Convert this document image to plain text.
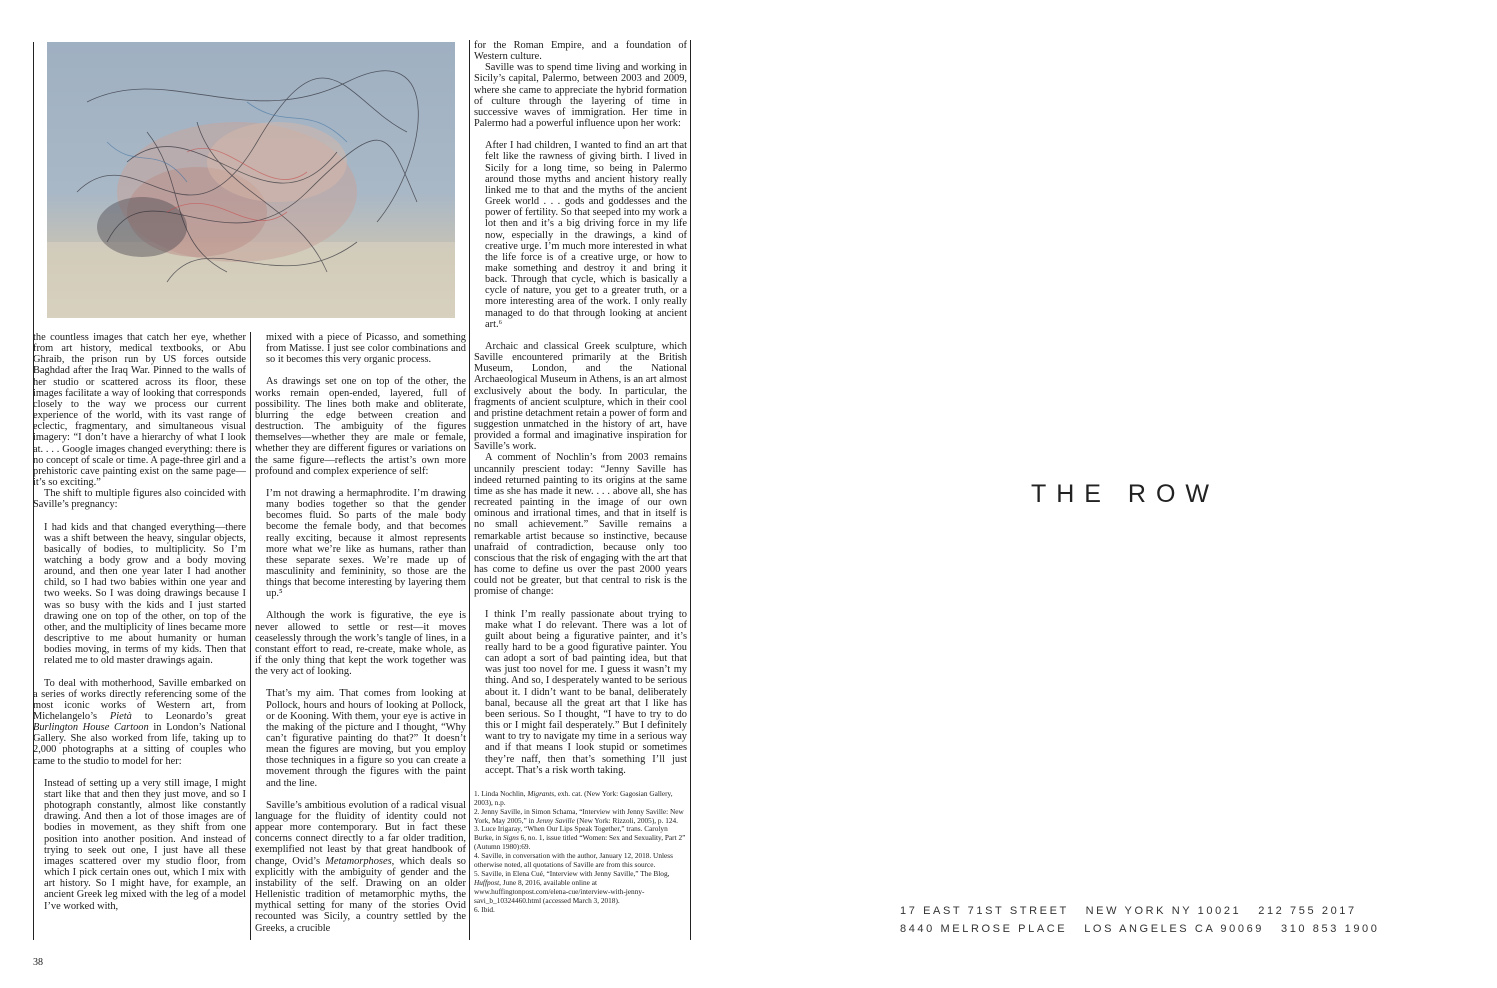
the countless images that catch her eye, whether from art history, medical textbooks, or Abu Ghraib, the prison run by US forces outside Baghdad after the Iraq War. Pinned to the walls of her studio or scattered across its floor, these images facilitate a way of looking that corresponds closely to the way we process our current experience of the world, with its vast range of eclectic, fragmentary, and simultaneous visual imagery: “I don’t have a hierarchy of what I look at. . . . Google images changed everything: there is no concept of scale or time. A page-three girl and a prehistoric cave painting exist on the same page—it’s so exciting.”

The shift to multiple figures also coincided with Saville’s pregnancy:

I had kids and that changed everything—there was a shift between the heavy, singular objects, basically of bodies, to multiplicity. So I’m watching a body grow and a body moving around, and then one year later I had another child, so I had two babies within one year and two weeks. So I was doing drawings because I was so busy with the kids and I just started drawing one on top of the other, on top of the other, and the multiplicity of lines became more descriptive to me about humanity or human bodies moving, in terms of my kids. Then that related me to old master drawings again.

To deal with motherhood, Saville embarked on a series of works directly referencing some of the most iconic works of Western art, from Michelangelo’s Pietà to Leonardo’s great Burlington House Cartoon in London’s National Gallery. She also worked from life, taking up to 2,000 photographs at a sitting of couples who came to the studio to model for her:

Instead of setting up a very still image, I might start like that and then they just move, and so I photograph constantly, almost like constantly drawing. And then a lot of those images are of bodies in movement, as they shift from one position into another position. And instead of trying to seek out one, I just have all these images scattered over my studio floor, from which I pick certain ones out, which I mix with art history. So I might have, for example, an ancient Greek leg mixed with the leg of a model I’ve worked with,

mixed with a piece of Picasso, and something from Matisse. I just see color combinations and so it becomes this very organic process.

As drawings set one on top of the other, the works remain open-ended, layered, full of possibility. The lines both make and obliterate, blurring the edge between creation and destruction. The ambiguity of the figures themselves—whether they are male or female, whether they are different figures or variations on the same figure—reflects the artist’s own more profound and complex experience of self:

I’m not drawing a hermaphrodite. I’m drawing many bodies together so that the gender becomes fluid. So parts of the male body become the female body, and that becomes really exciting, because it almost represents more what we’re like as humans, rather than these separate sexes. We’re made up of masculinity and femininity, so those are the things that become interesting by layering them up.⁵

Although the work is figurative, the eye is never allowed to settle or rest—it moves ceaselessly through the work’s tangle of lines, in a constant effort to read, re-create, make whole, as if the only thing that kept the work together was the very act of looking.

That’s my aim. That comes from looking at Pollock, hours and hours of looking at Pollock, or de Kooning. With them, your eye is active in the making of the picture and I thought, “Why can’t figurative painting do that?” It doesn’t mean the figures are moving, but you employ those techniques in a figure so you can create a movement through the figures with the paint and the line.

Saville’s ambitious evolution of a radical visual language for the fluidity of identity could not appear more contemporary. But in fact these concerns connect directly to a far older tradition, exemplified not least by that great handbook of change, Ovid’s Metamorphoses, which deals so explicitly with the ambiguity of gender and the instability of the self. Drawing on an older Hellenistic tradition of metamorphic myths, the mythical setting for many of the stories Ovid recounted was Sicily, a country settled by the Greeks, a crucible

for the Roman Empire, and a foundation of Western culture.

Saville was to spend time living and working in Sicily’s capital, Palermo, between 2003 and 2009, where she came to appreciate the hybrid formation of culture through the layering of time in successive waves of immigration. Her time in Palermo had a powerful influence upon her work:

After I had children, I wanted to find an art that felt like the rawness of giving birth. I lived in Sicily for a long time, so being in Palermo around those myths and ancient history really linked me to that and the myths of the ancient Greek world . . . gods and goddesses and the power of fertility. So that seeped into my work a lot then and it’s a big driving force in my life now, especially in the drawings, a kind of creative urge. I’m much more interested in what the life force is of a creative urge, or how to make something and destroy it and bring it back. Through that cycle, which is basically a cycle of nature, you get to a greater truth, or a more interesting area of the work. I only really managed to do that through looking at ancient art.⁶

Archaic and classical Greek sculpture, which Saville encountered primarily at the British Museum, London, and the National Archaeological Museum in Athens, is an art almost exclusively about the body. In particular, the fragments of ancient sculpture, which in their cool and pristine detachment retain a power of form and suggestion unmatched in the history of art, have provided a formal and imaginative inspiration for Saville’s work.

A comment of Nochlin’s from 2003 remains uncannily prescient today: “Jenny Saville has indeed returned painting to its origins at the same time as she has made it new. . . . above all, she has recreated painting in the image of our own ominous and irrational times, and that in itself is no small achievement.” Saville remains a remarkable artist because so instinctive, because unafraid of contradiction, because only too conscious that the risk of engaging with the art that has come to define us over the past 2000 years could not be greater, but that central to risk is the promise of change:

I think I’m really passionate about trying to make what I do relevant. There was a lot of guilt about being a figurative painter, and it’s really hard to be a good figurative painter. You can adopt a sort of bad painting idea, but that was just too novel for me. I guess it wasn’t my thing. And so, I desperately wanted to be serious about it. I didn’t want to be banal, deliberately banal, because all the great art that I like has been serious. So I thought, “I have to try to do this or I might fail desperately.” But I definitely want to try to navigate my time in a serious way and if that means I look stupid or sometimes they’re naff, then that’s something I’ll just accept. That’s a risk worth taking.

1. Linda Nochlin, Migrants, exh. cat. (New York: Gagosian Gallery, 2003), n.p.
2. Jenny Saville, in Simon Schama, “Interview with Jenny Saville: New York, May 2005,” in Jenny Saville (New York: Rizzoli, 2005), p. 124.
3. Luce Irigaray, “When Our Lips Speak Together,” trans. Carolyn Burke, in Signs 6, no. 1, issue titled “Women: Sex and Sexuality, Part 2” (Autumn 1980):69.
4. Saville, in conversation with the author, January 12, 2018. Unless otherwise noted, all quotations of Saville are from this source.
5. Saville, in Elena Cué, “Interview with Jenny Saville,” The Blog, Huffpost, June 8, 2016, available online at www.huffingtonpost.com/elena-cue/interview-with-jenny-savi_b_10324460.html (accessed March 3, 2018).
6. Ibid.
38
THE ROW
17 EAST 71ST STREET   NEW YORK NY 10021   212 755 2017
8440 MELROSE PLACE   LOS ANGELES CA 90069   310 853 1900
